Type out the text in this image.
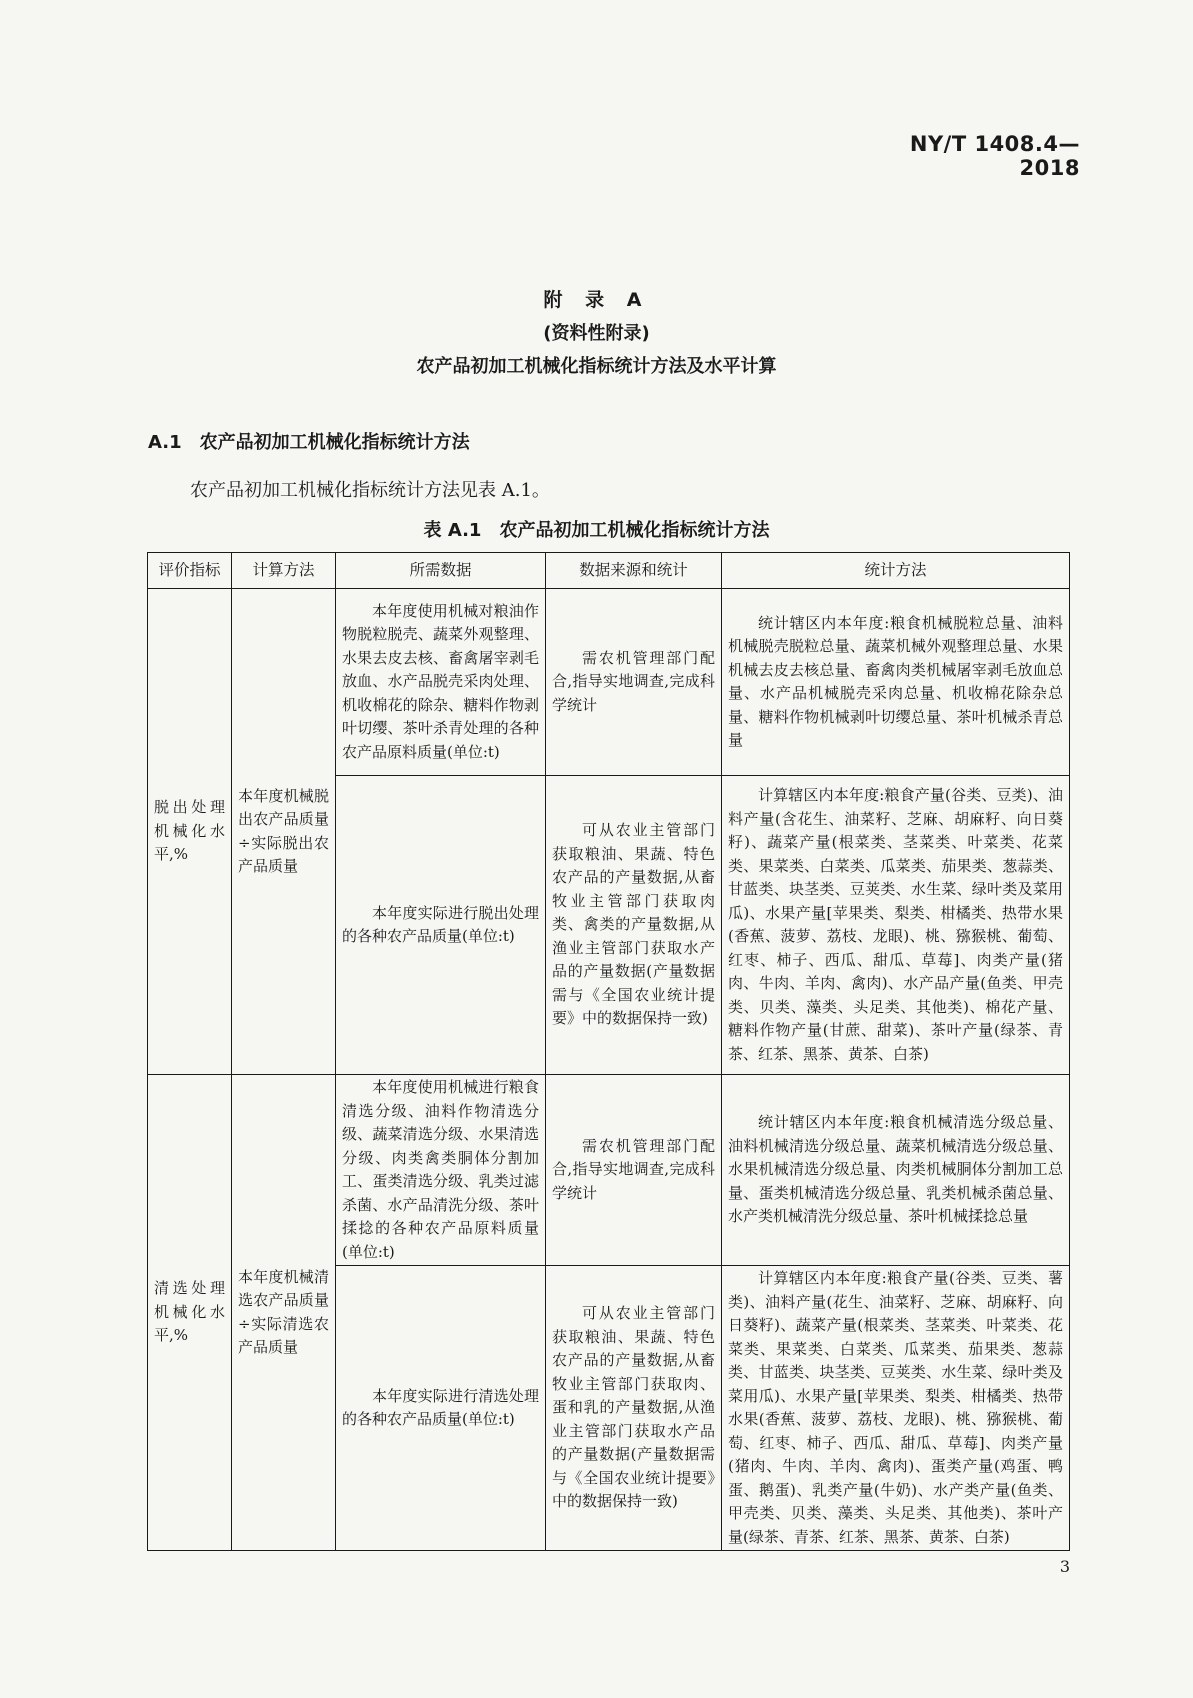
NY/T 1408.4—2018
附 录 A
(资料性附录)
农产品初加工机械化指标统计方法及水平计算
A.1 农产品初加工机械化指标统计方法
农产品初加工机械化指标统计方法见表 A.1。
表 A.1 农产品初加工机械化指标统计方法
评价指标	计算方法	所需数据	数据来源和统计	统计方法
脱出处理机械化水平,%	本年度机械脱出农产品质量÷实际脱出农产品质量	本年度使用机械对粮油作物脱粒脱壳、蔬菜外观整理、水果去皮去核、畜禽屠宰剥毛放血、水产品脱壳采肉处理、机收棉花的除杂、糖料作物剥叶切缨、茶叶杀青处理的各种农产品原料质量(单位:t)	需农机管理部门配合,指导实地调查,完成科学统计	统计辖区内本年度:粮食机械脱粒总量、油料机械脱壳脱粒总量、蔬菜机械外观整理总量、水果机械去皮去核总量、畜禽肉类机械屠宰剥毛放血总量、水产品机械脱壳采肉总量、机收棉花除杂总量、糖料作物机械剥叶切缨总量、茶叶机械杀青总量
		本年度实际进行脱出处理的各种农产品质量(单位:t)	可从农业主管部门获取粮油、果蔬、特色农产品的产量数据,从畜牧业主管部门获取肉类、禽类的产量数据,从渔业主管部门获取水产品的产量数据(产量数据需与《全国农业统计提要》中的数据保持一致)	计算辖区内本年度:粮食产量(谷类、豆类)、油料产量(含花生、油菜籽、芝麻、胡麻籽、向日葵籽)、蔬菜产量(根菜类、茎菜类、叶菜类、花菜类、果菜类、白菜类、瓜菜类、茄果类、葱蒜类、甘蓝类、块茎类、豆荚类、水生菜、绿叶类及菜用瓜)、水果产量[苹果类、梨类、柑橘类、热带水果(香蕉、菠萝、荔枝、龙眼)、桃、猕猴桃、葡萄、红枣、柿子、西瓜、甜瓜、草莓]、肉类产量(猪肉、牛肉、羊肉、禽肉)、水产品产量(鱼类、甲壳类、贝类、藻类、头足类、其他类)、棉花产量、糖料作物产量(甘蔗、甜菜)、茶叶产量(绿茶、青茶、红茶、黑茶、黄茶、白茶)
清选处理机械化水平,%	本年度机械清选农产品质量÷实际清选农产品质量	本年度使用机械进行粮食清选分级、油料作物清选分级、蔬菜清选分级、水果清选分级、肉类禽类胴体分割加工、蛋类清选分级、乳类过滤杀菌、水产品清洗分级、茶叶揉捻的各种农产品原料质量(单位:t)	需农机管理部门配合,指导实地调查,完成科学统计	统计辖区内本年度:粮食机械清选分级总量、油料机械清选分级总量、蔬菜机械清选分级总量、水果机械清选分级总量、肉类机械胴体分割加工总量、蛋类机械清选分级总量、乳类机械杀菌总量、水产类机械清洗分级总量、茶叶机械揉捻总量
		本年度实际进行清选处理的各种农产品质量(单位:t)	可从农业主管部门获取粮油、果蔬、特色农产品的产量数据,从畜牧业主管部门获取肉、蛋和乳的产量数据,从渔业主管部门获取水产品的产量数据(产量数据需与《全国农业统计提要》中的数据保持一致)	计算辖区内本年度:粮食产量(谷类、豆类、薯类)、油料产量(花生、油菜籽、芝麻、胡麻籽、向日葵籽)、蔬菜产量(根菜类、茎菜类、叶菜类、花菜类、果菜类、白菜类、瓜菜类、茄果类、葱蒜类、甘蓝类、块茎类、豆荚类、水生菜、绿叶类及菜用瓜)、水果产量[苹果类、梨类、柑橘类、热带水果(香蕉、菠萝、荔枝、龙眼)、桃、猕猴桃、葡萄、红枣、柿子、西瓜、甜瓜、草莓]、肉类产量(猪肉、牛肉、羊肉、禽肉)、蛋类产量(鸡蛋、鸭蛋、鹅蛋)、乳类产量(牛奶)、水产类产量(鱼类、甲壳类、贝类、藻类、头足类、其他类)、茶叶产量(绿茶、青茶、红茶、黑茶、黄茶、白茶)
3
